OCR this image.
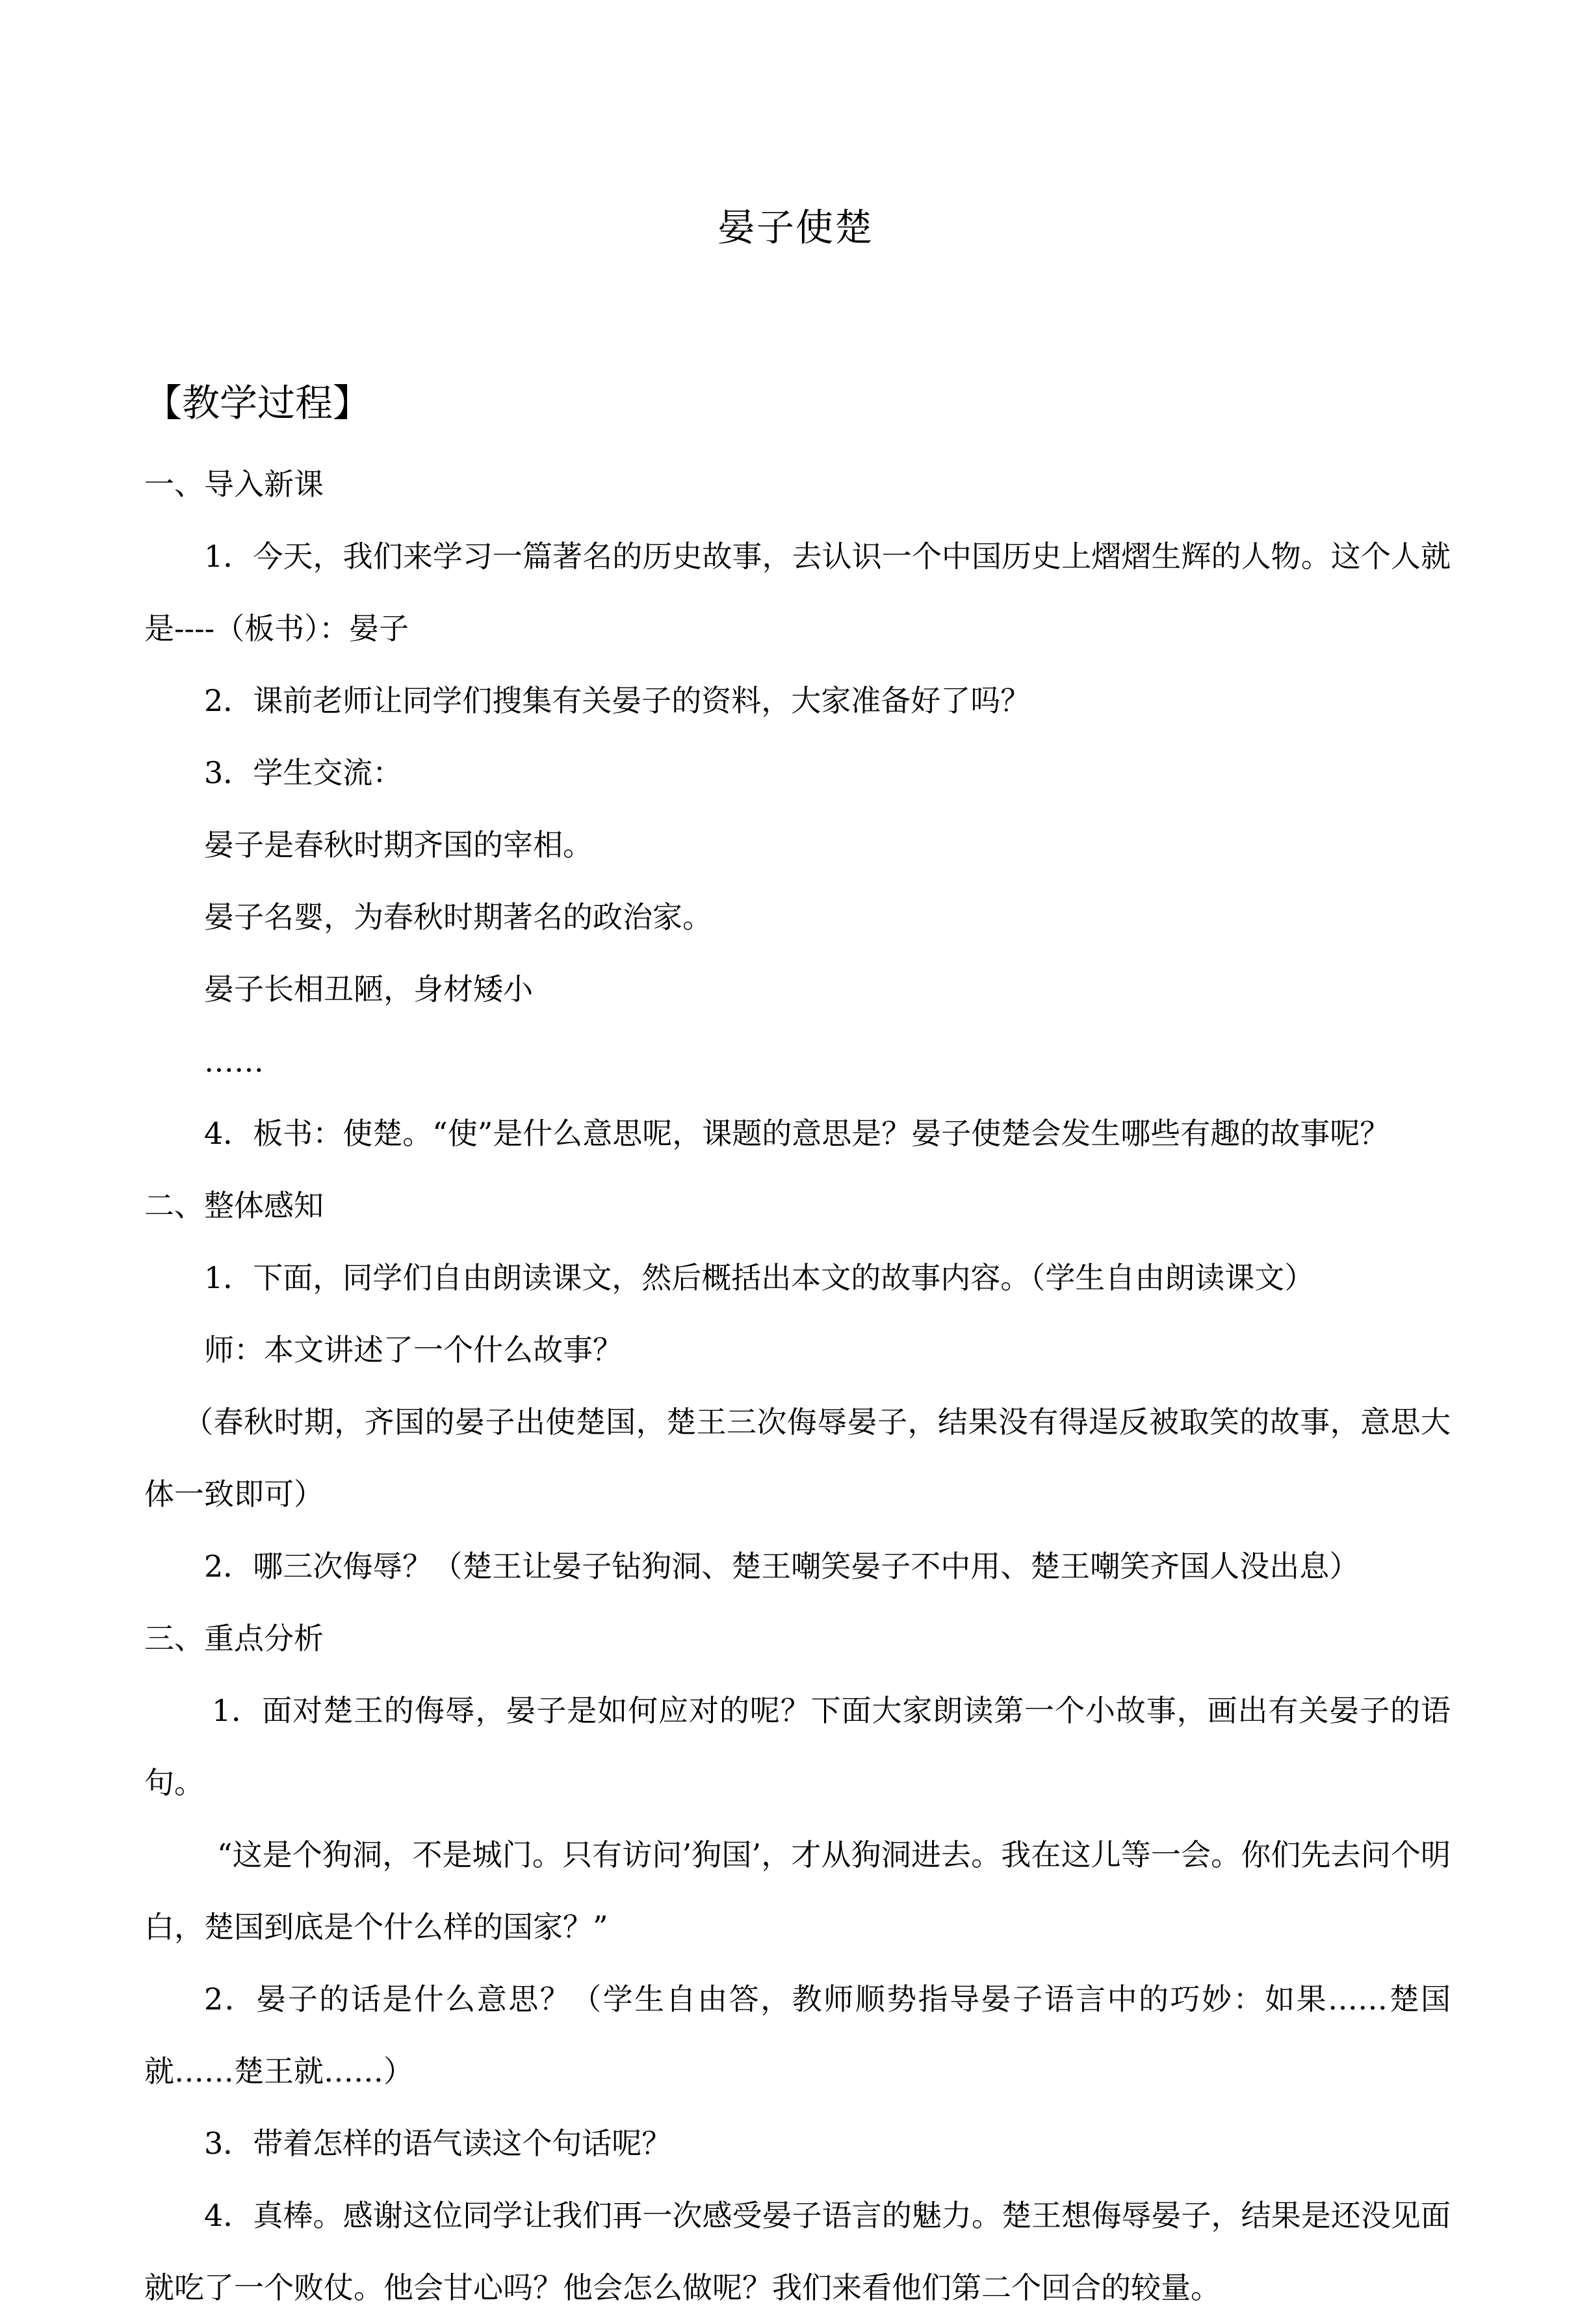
晏子使楚
【教学过程】

一、导入新课

1．今天，我们来学习一篇著名的历史故事，去认识一个中国历史上熠熠生辉的人物。这个人就是----（板书）：晏子

2．课前老师让同学们搜集有关晏子的资料，大家准备好了吗？

3．学生交流：

晏子是春秋时期齐国的宰相。

晏子名婴，为春秋时期著名的政治家。

晏子长相丑陋，身材矮小

……

4．板书：使楚。“使”是什么意思呢，课题的意思是？晏子使楚会发生哪些有趣的故事呢？

二、整体感知

1．下面，同学们自由朗读课文，然后概括出本文的故事内容。（学生自由朗读课文）

师：本文讲述了一个什么故事？

（春秋时期，齐国的晏子出使楚国，楚王三次侮辱晏子，结果没有得逞反被取笑的故事，意思大体一致即可）

2．哪三次侮辱？（楚王让晏子钻狗洞、楚王嘲笑晏子不中用、楚王嘲笑齐国人没出息）

三、重点分析

1．面对楚王的侮辱，晏子是如何应对的呢？下面大家朗读第一个小故事，画出有关晏子的语句。

“这是个狗洞，不是城门。只有访问’狗国’，才从狗洞进去。我在这儿等一会。你们先去问个明白，楚国到底是个什么样的国家？”

2．晏子的话是什么意思？（学生自由答，教师顺势指导晏子语言中的巧妙：如果……楚国就……楚王就……）

3．带着怎样的语气读这个句话呢？

4．真棒。感谢这位同学让我们再一次感受晏子语言的魅力。楚王想侮辱晏子，结果是还没见面就吃了一个败仗。他会甘心吗？他会怎么做呢？我们来看他们第二个回合的较量。
